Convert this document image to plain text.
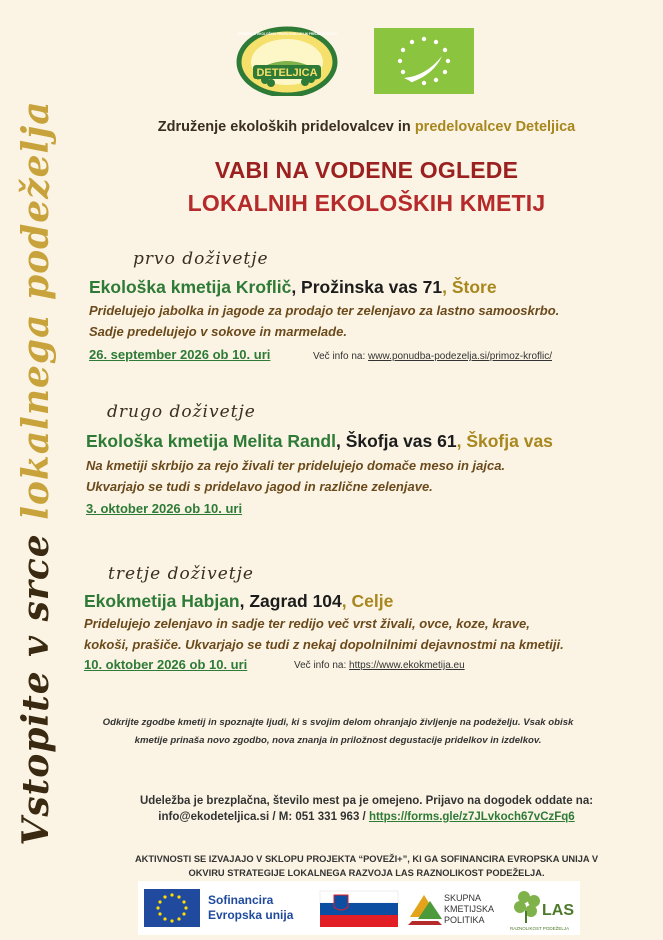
Vstopite v srce lokalnega podeželja
DETELJICA
ZDRUŽENJE EKOLOŠKIH PRIDELOVALCEV IN PREDELOVALCEV
Združenje ekoloških pridelovalcev in predelovalcev Deteljica
VABI NA VODENE OGLEDE
LOKALNIH EKOLOŠKIH KMETIJ
prvo doživetje
Ekološka kmetija Kroflič, Prožinska vas 71, Štore
Pridelujejo jabolka in jagode za prodajo ter zelenjavo za lastno samooskrbo.
Sadje predelujejo v sokove in marmelade.
26. september 2026 ob 10. uri	Več info na: www.ponudba-podezelja.si/primoz-kroflic/
drugo doživetje
Ekološka kmetija Melita Randl, Škofja vas 61, Škofja vas
Na kmetiji skrbijo za rejo živali ter pridelujejo domače meso in jajca.
Ukvarjajo se tudi s pridelavo jagod in različne zelenjave.
3. oktober 2026 ob 10. uri
tretje doživetje
Ekokmetija Habjan, Zagrad 104, Celje
Pridelujejo zelenjavo in sadje ter redijo več vrst živali, ovce, koze, krave,
kokoši, prašiče. Ukvarjajo se tudi z nekaj dopolnilnimi dejavnostmi na kmetiji.
10. oktober 2026 ob 10. uri	Več info na: https://www.ekokmetija.eu
Odkrijte zgodbe kmetij in spoznajte ljudi, ki s svojim delom ohranjajo življenje na podeželju. Vsak obisk
kmetije prinaša novo zgodbo, nova znanja in priložnost degustacije pridelkov in izdelkov.
Udeležba je brezplačna, število mest pa je omejeno. Prijavo na dogodek oddate na:
info@ekodeteljica.si / M: 051 331 963 / https://forms.gle/z7JLvkoch67vCzFq6
AKTIVNOSTI SE IZVAJAJO V SKLOPU PROJEKTA “POVEŽI+”, KI GA SOFINANCIRA EVROPSKA UNIJA V
OKVIRU STRATEGIJE LOKALNEGA RAZVOJA LAS RAZNOLIKOST PODEŽELJA.
Sofinancira
Evropska unija
SKUPNA
KMETIJSKA
POLITIKA
LAS
RAZNOLIKOST PODEŽELJA
